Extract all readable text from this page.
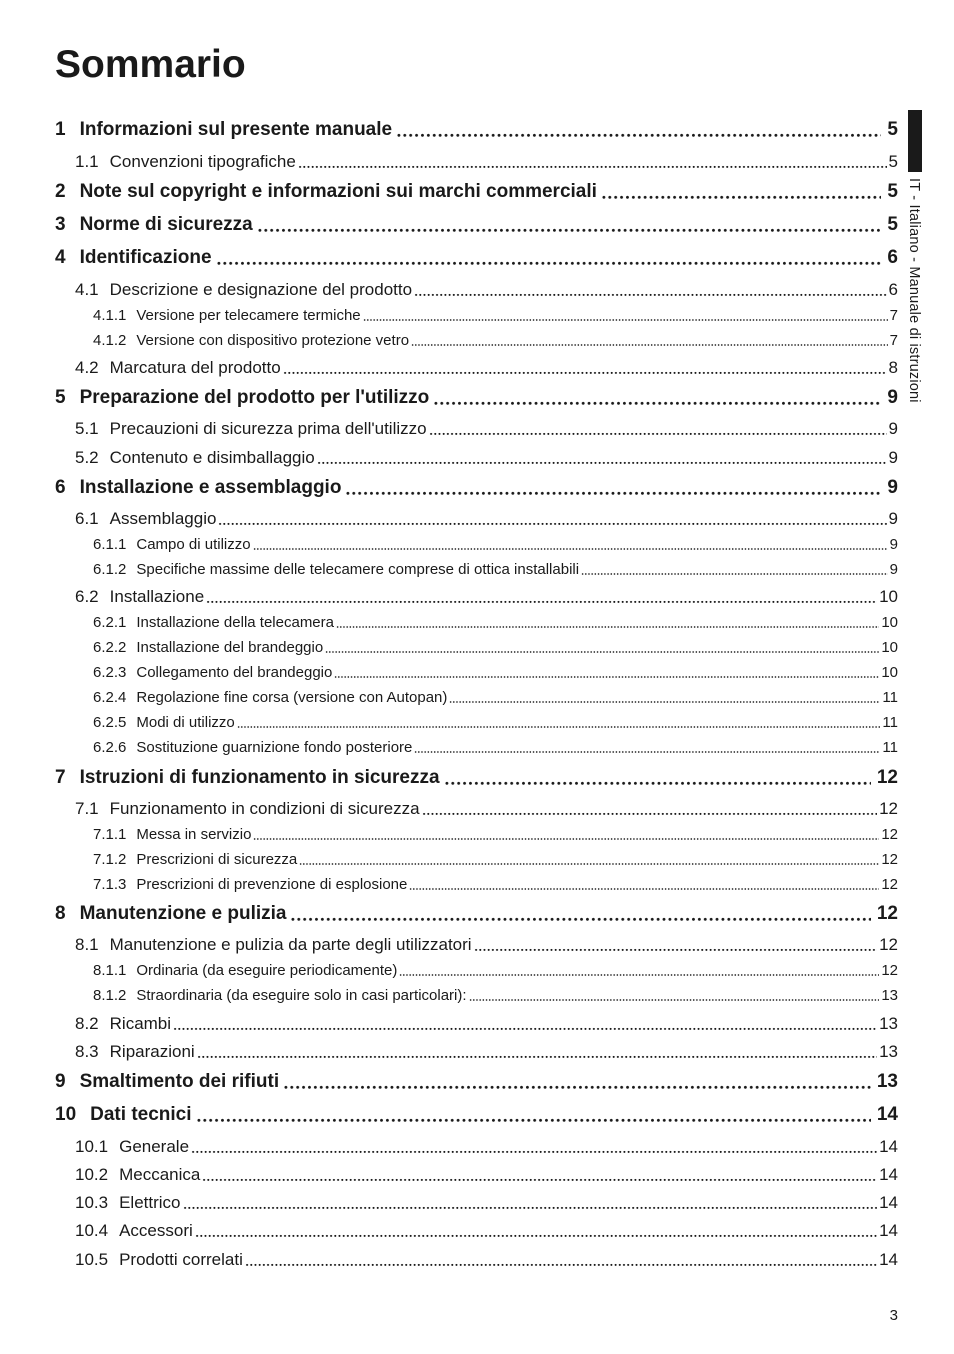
Sommario
IT - Italiano - Manuale di istruzioni
1 Informazioni sul presente manuale	5
1.1 Convenzioni tipografiche	5
2 Note sul copyright e informazioni sui marchi commerciali	5
3 Norme di sicurezza	5
4 Identificazione	6
4.1 Descrizione e designazione del prodotto	6
4.1.1 Versione per telecamere termiche	7
4.1.2 Versione con dispositivo protezione vetro	7
4.2 Marcatura del prodotto	8
5 Preparazione del prodotto per l'utilizzo	9
5.1 Precauzioni di sicurezza prima dell'utilizzo	9
5.2 Contenuto e disimballaggio	9
6 Installazione e assemblaggio	9
6.1 Assemblaggio	9
6.1.1 Campo di utilizzo	9
6.1.2 Specifiche massime delle telecamere comprese di ottica installabili	9
6.2 Installazione	10
6.2.1 Installazione della telecamera	10
6.2.2 Installazione del brandeggio	10
6.2.3 Collegamento del brandeggio	10
6.2.4 Regolazione fine corsa (versione con Autopan)	11
6.2.5 Modi di utilizzo	11
6.2.6 Sostituzione guarnizione fondo posteriore	11
7 Istruzioni di funzionamento in sicurezza	12
7.1 Funzionamento in condizioni di sicurezza	12
7.1.1 Messa in servizio	12
7.1.2 Prescrizioni di sicurezza	12
7.1.3 Prescrizioni di prevenzione di esplosione	12
8 Manutenzione e pulizia	12
8.1 Manutenzione e pulizia da parte degli utilizzatori	12
8.1.1 Ordinaria (da eseguire periodicamente)	12
8.1.2 Straordinaria (da eseguire solo in casi particolari):	13
8.2 Ricambi	13
8.3 Riparazioni	13
9 Smaltimento dei rifiuti	13
10 Dati tecnici	14
10.1 Generale	14
10.2 Meccanica	14
10.3 Elettrico	14
10.4 Accessori	14
10.5 Prodotti correlati	14
3
